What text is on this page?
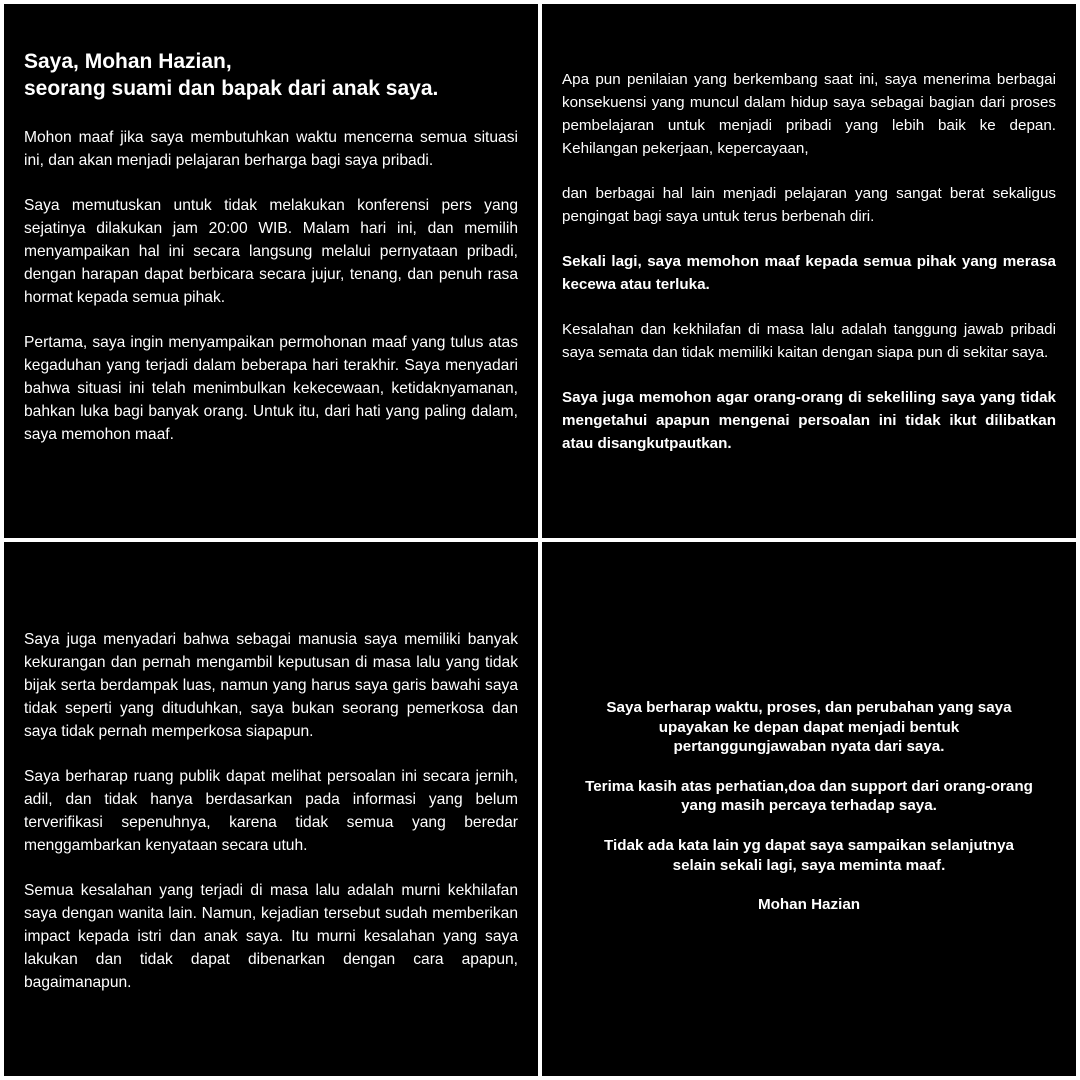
Saya, Mohan Hazian,
seorang suami dan bapak dari anak saya.

Mohon maaf jika saya membutuhkan waktu mencerna semua situasi ini, dan akan menjadi pelajaran berharga bagi saya pribadi.

Saya memutuskan untuk tidak melakukan konferensi pers yang sejatinya dilakukan jam 20:00 WIB. Malam hari ini, dan memilih menyampaikan hal ini secara langsung melalui pernyataan pribadi, dengan harapan dapat berbicara secara jujur, tenang, dan penuh rasa hormat kepada semua pihak.

Pertama, saya ingin menyampaikan permohonan maaf yang tulus atas kegaduhan yang terjadi dalam beberapa hari terakhir. Saya menyadari bahwa situasi ini telah menimbulkan kekecewaan, ketidaknyamanan, bahkan luka bagi banyak orang. Untuk itu, dari hati yang paling dalam, saya memohon maaf.

Apa pun penilaian yang berkembang saat ini, saya menerima berbagai konsekuensi yang muncul dalam hidup saya sebagai bagian dari proses pembelajaran untuk menjadi pribadi yang lebih baik ke depan. Kehilangan pekerjaan, kepercayaan,

dan berbagai hal lain menjadi pelajaran yang sangat berat sekaligus pengingat bagi saya untuk terus berbenah diri.

Sekali lagi, saya memohon maaf kepada semua pihak yang merasa kecewa atau terluka.

Kesalahan dan kekhilafan di masa lalu adalah tanggung jawab pribadi saya semata dan tidak memiliki kaitan dengan siapa pun di sekitar saya.

Saya juga memohon agar orang-orang di sekeliling saya yang tidak mengetahui apapun mengenai persoalan ini tidak ikut dilibatkan atau disangkutpautkan.

Saya juga menyadari bahwa sebagai manusia saya memiliki banyak kekurangan dan pernah mengambil keputusan di masa lalu yang tidak bijak serta berdampak luas, namun yang harus saya garis bawahi saya tidak seperti yang dituduhkan, saya bukan seorang pemerkosa dan saya tidak pernah memperkosa siapapun.

Saya berharap ruang publik dapat melihat persoalan ini secara jernih, adil, dan tidak hanya berdasarkan pada informasi yang belum terverifikasi sepenuhnya, karena tidak semua yang beredar menggambarkan kenyataan secara utuh.

Semua kesalahan yang terjadi di masa lalu adalah murni kekhilafan saya dengan wanita lain. Namun, kejadian tersebut sudah memberikan impact kepada istri dan anak saya. Itu murni kesalahan yang saya lakukan dan tidak dapat dibenarkan dengan cara apapun, bagaimanapun.

Saya berharap waktu, proses, dan perubahan yang saya
upayakan ke depan dapat menjadi bentuk
pertanggungjawaban nyata dari saya.

Terima kasih atas perhatian,doa dan support dari orang-orang
yang masih percaya terhadap saya.

Tidak ada kata lain yg dapat saya sampaikan selanjutnya
selain sekali lagi, saya meminta maaf.

Mohan Hazian
